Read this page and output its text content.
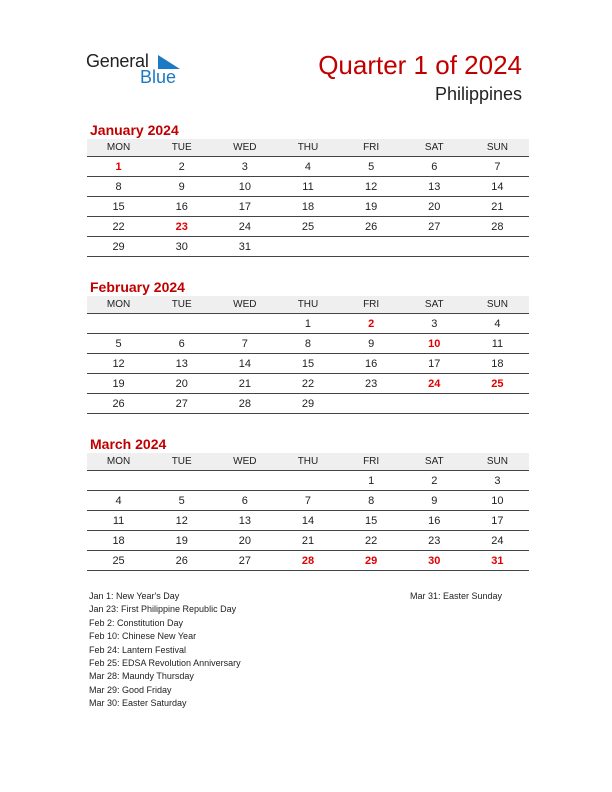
General
Blue	Quarter 1 of 2024
Philippines
January 2024
MON	TUE	WED	THU	FRI	SAT	SUN
1	2	3	4	5	6	7
8	9	10	11	12	13	14
15	16	17	18	19	20	21
22	23	24	25	26	27	28
29	30	31				
February 2024
MON	TUE	WED	THU	FRI	SAT	SUN
			1	2	3	4
5	6	7	8	9	10	11
12	13	14	15	16	17	18
19	20	21	22	23	24	25
26	27	28	29			
March 2024
MON	TUE	WED	THU	FRI	SAT	SUN
				1	2	3
4	5	6	7	8	9	10
11	12	13	14	15	16	17
18	19	20	21	22	23	24
25	26	27	28	29	30	31
Jan 1: New Year's Day
Jan 23: First Philippine Republic Day
Feb 2: Constitution Day
Feb 10: Chinese New Year
Feb 24: Lantern Festival
Feb 25: EDSA Revolution Anniversary
Mar 28: Maundy Thursday
Mar 29: Good Friday
Mar 30: Easter Saturday
Mar 31: Easter Sunday
